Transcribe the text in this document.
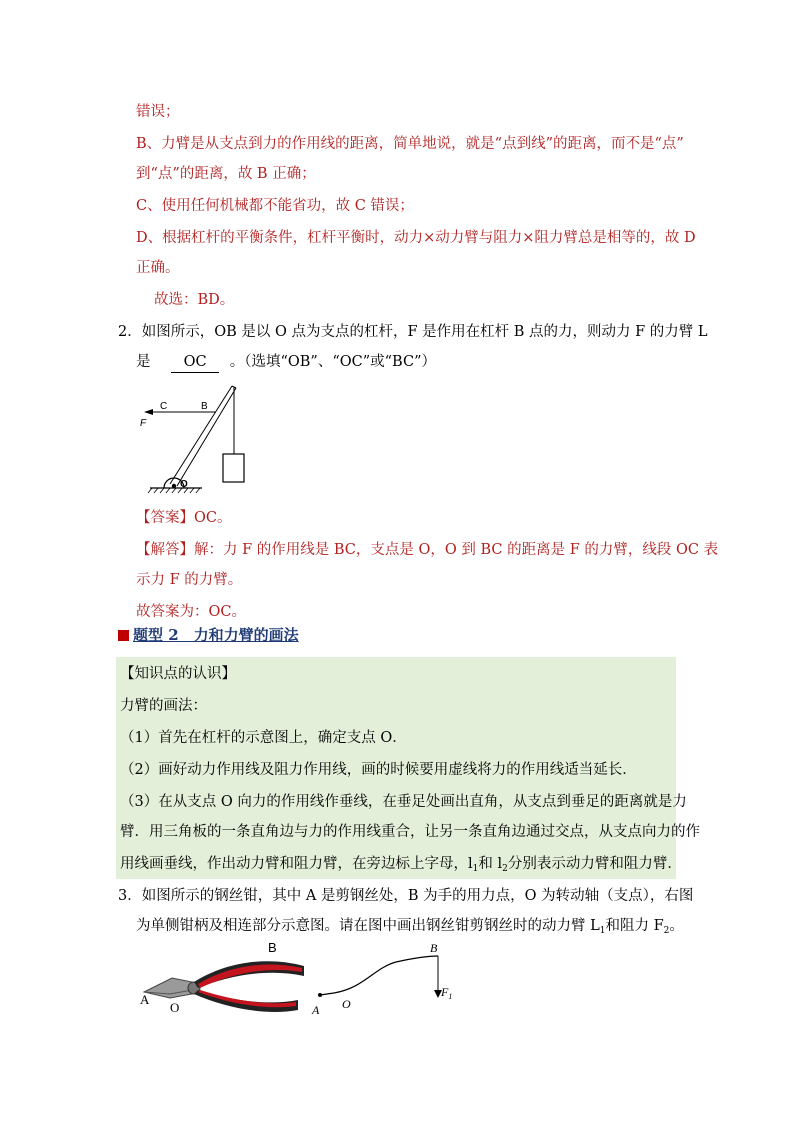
错误；
B、力臂是从支点到力的作用线的距离，简单地说，就是“点到线”的距离，而不是“点”
到“点”的距离，故 B 正确；
C、使用任何机械都不能省功，故 C 错误；
D、根据杠杆的平衡条件，杠杆平衡时，动力×动力臂与阻力×阻力臂总是相等的，故 D
正确。
故选：BD。
2．如图所示，OB 是以 O 点为支点的杠杆，F 是作用在杠杆 B 点的力，则动力 F 的力臂 L
是 OC 。（选填“OB”、“OC”或“BC”）
C	B
F
O
【答案】OC。
【解答】解：力 F 的作用线是 BC，支点是 O，O 到 BC 的距离是 F 的力臂，线段 OC 表
示力 F 的力臂。
故答案为：OC。
题型 2　力和力臂的画法
【知识点的认识】
力臂的画法：
（1）首先在杠杆的示意图上，确定支点 O．
（2）画好动力作用线及阻力作用线，画的时候要用虚线将力的作用线适当延长．
（3）在从支点 O 向力的作用线作垂线，在垂足处画出直角，从支点到垂足的距离就是力
臂．用三角板的一条直角边与力的作用线重合，让另一条直角边通过交点，从支点向力的作
用线画垂线，作出动力臂和阻力臂，在旁边标上字母，$l_1$和 $l_2$分别表示动力臂和阻力臂．
3．如图所示的钢丝钳，其中 A 是剪钢丝处，B 为手的用力点，O 为转动轴（支点），右图
为单侧钳柄及相连部分示意图。请在图中画出钢丝钳剪钢丝时的动力臂 $L_1$和阻力 $F_2$。
B
A
O	A O
B
$F_1$
